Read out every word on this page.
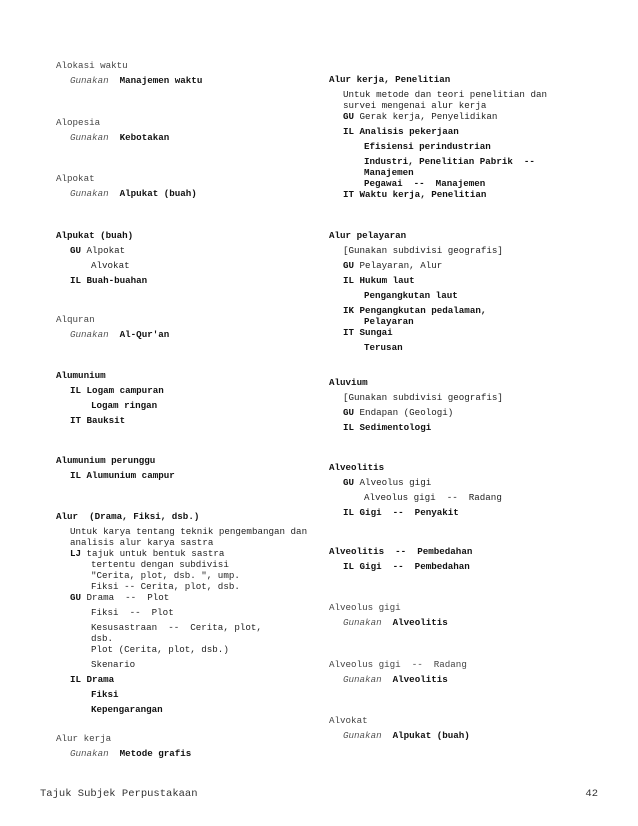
Alokasi waktu
Gunakan  Manajemen waktu
Alopesia
Gunakan  Kebotakan
Alpokat
Gunakan  Alpukat (buah)
Alpukat (buah)
GU Alpokat
Alvokat
IL Buah-buahan
Alquran
Gunakan  Al-Qur'an
Alumunium
IL Logam campuran
Logam ringan
IT Bauksit
Alumunium perunggu
IL Alumunium campur
Alur  (Drama, Fiksi, dsb.)
Untuk karya tentang teknik pengembangan dan
analisis alur karya sastra
LJ tajuk untuk bentuk sastra
tertentu dengan subdivisi
"Cerita, plot, dsb. ", ump.
Fiksi -- Cerita, plot, dsb.
GU Drama  --  Plot
Fiksi  --  Plot
Kesusastraan  --  Cerita, plot,
dsb.
Plot (Cerita, plot, dsb.)
Skenario
IL Drama
Fiksi
Kepengarangan
Alur kerja
Gunakan  Metode grafis
Alur kerja, Penelitian
Untuk metode dan teori penelitian dan
survei mengenai alur kerja
GU Gerak kerja, Penyelidikan
IL Analisis pekerjaan
Efisiensi perindustrian
Industri, Penelitian Pabrik  --
Manajemen
Pegawai  --  Manajemen
IT Waktu kerja, Penelitian
Alur pelayaran
[Gunakan subdivisi geografis]
GU Pelayaran, Alur
IL Hukum laut
Pengangkutan laut
IK Pengangkutan pedalaman,
Pelayaran
IT Sungai
Terusan
Aluvium
[Gunakan subdivisi geografis]
GU Endapan (Geologi)
IL Sedimentologi
Alveolitis
GU Alveolus gigi
Alveolus gigi  --  Radang
IL Gigi  --  Penyakit
Alveolitis  --  Pembedahan
IL Gigi  --  Pembedahan
Alveolus gigi
Gunakan  Alveolitis
Alveolus gigi  --  Radang
Gunakan  Alveolitis
Alvokat
Gunakan  Alpukat (buah)
Tajuk Subjek Perpustakaan	42
